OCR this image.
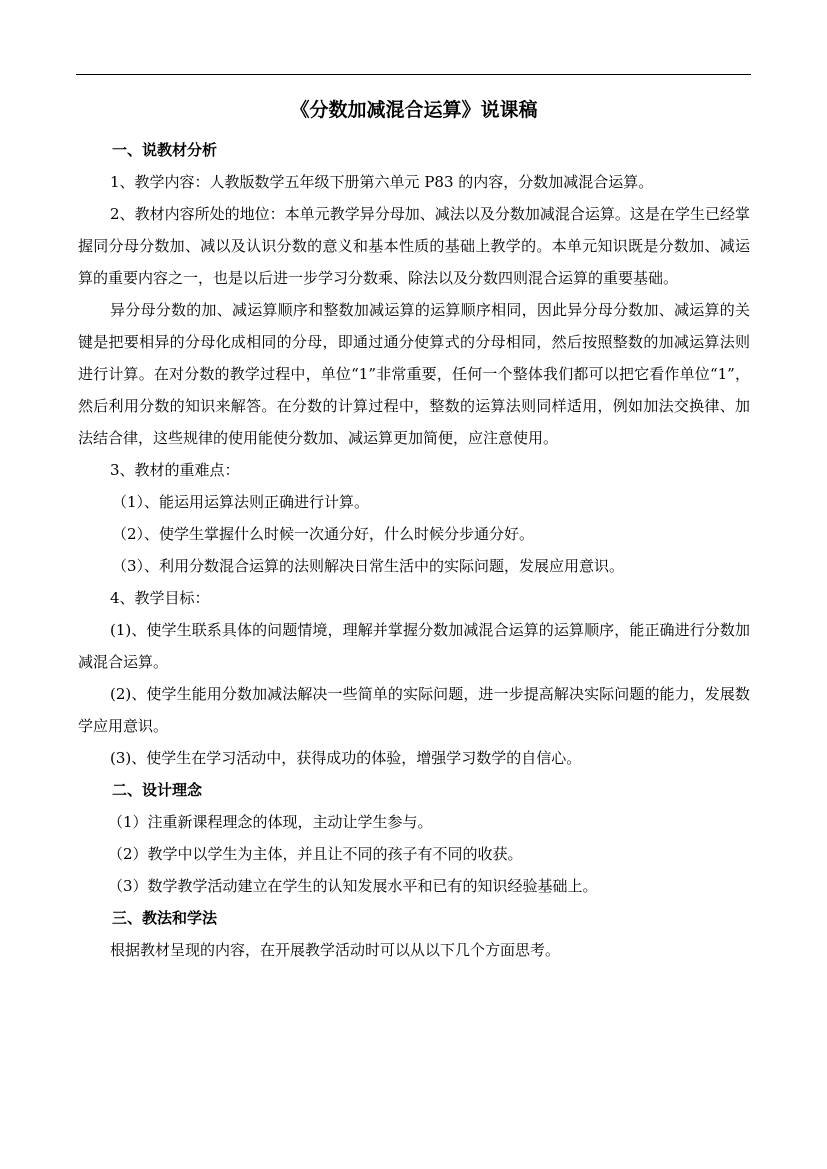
《分数加减混合运算》说课稿
一、说教材分析

1、教学内容：人教版数学五年级下册第六单元 P83 的内容，分数加减混合运算。

2、教材内容所处的地位：本单元教学异分母加、减法以及分数加减混合运算。这是在学生已经掌握同分母分数加、减以及认识分数的意义和基本性质的基础上教学的。本单元知识既是分数加、减运算的重要内容之一，也是以后进一步学习分数乘、除法以及分数四则混合运算的重要基础。

异分母分数的加、减运算顺序和整数加减运算的运算顺序相同，因此异分母分数加、减运算的关键是把要相异的分母化成相同的分母，即通过通分使算式的分母相同，然后按照整数的加减运算法则进行计算。在对分数的教学过程中，单位“1”非常重要，任何一个整体我们都可以把它看作单位“1”，然后利用分数的知识来解答。在分数的计算过程中，整数的运算法则同样适用，例如加法交换律、加法结合律，这些规律的使用能使分数加、减运算更加简便，应注意使用。

3、教材的重难点：

（1）、能运用运算法则正确进行计算。

（2）、使学生掌握什么时候一次通分好，什么时候分步通分好。

（3）、利用分数混合运算的法则解决日常生活中的实际问题，发展应用意识。

4、教学目标：

(1)、使学生联系具体的问题情境，理解并掌握分数加减混合运算的运算顺序，能正确进行分数加减混合运算。

(2)、使学生能用分数加减法解决一些简单的实际问题，进一步提高解决实际问题的能力，发展数学应用意识。

(3)、使学生在学习活动中，获得成功的体验，增强学习数学的自信心。

二、设计理念

（1）注重新课程理念的体现，主动让学生参与。

（2）教学中以学生为主体，并且让不同的孩子有不同的收获。

（3）数学教学活动建立在学生的认知发展水平和已有的知识经验基础上。

三、教法和学法

根据教材呈现的内容，在开展教学活动时可以从以下几个方面思考。
